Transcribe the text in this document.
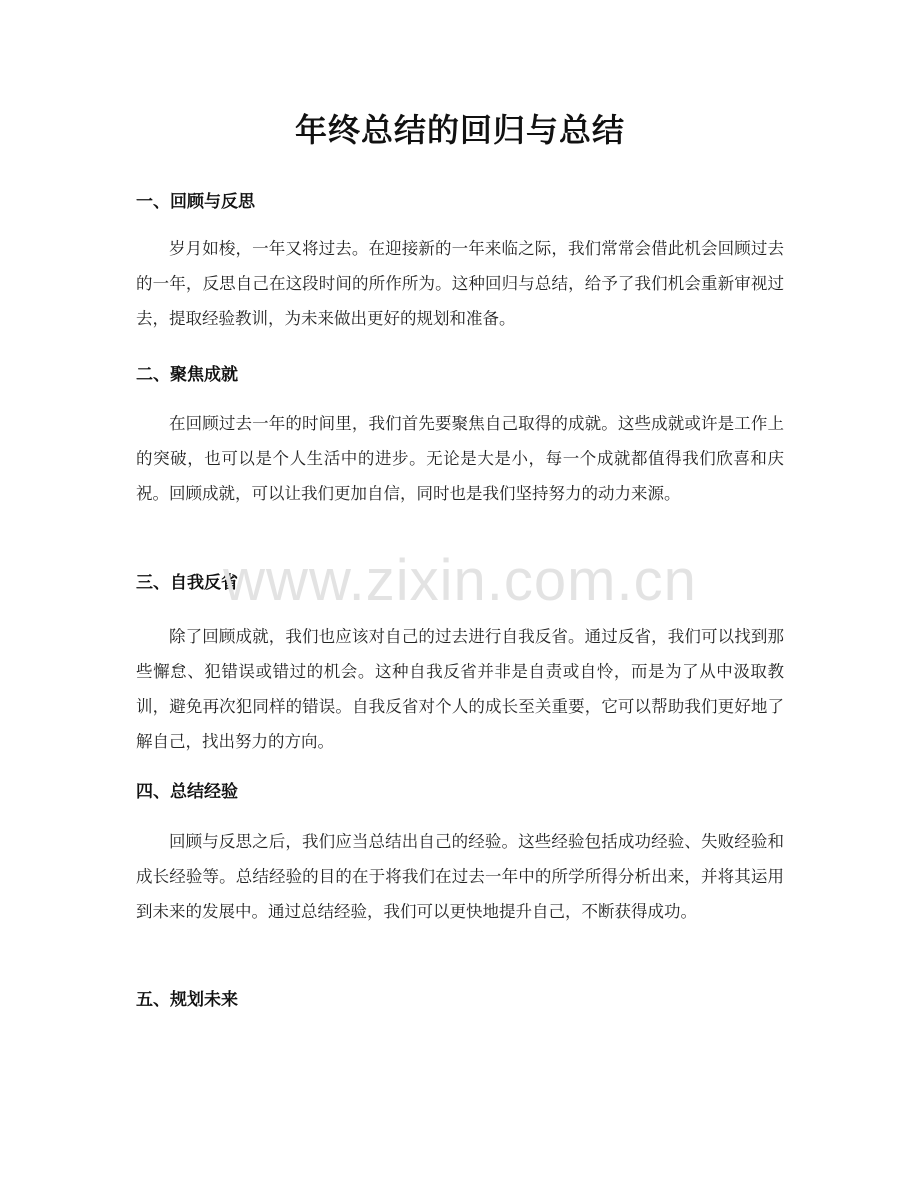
年终总结的回归与总结
一、回顾与反思

岁月如梭，一年又将过去。在迎接新的一年来临之际，我们常常会借此机会回顾过去的一年，反思自己在这段时间的所作所为。这种回归与总结，给予了我们机会重新审视过去，提取经验教训，为未来做出更好的规划和准备。

二、聚焦成就

在回顾过去一年的时间里，我们首先要聚焦自己取得的成就。这些成就或许是工作上的突破，也可以是个人生活中的进步。无论是大是小，每一个成就都值得我们欣喜和庆祝。回顾成就，可以让我们更加自信，同时也是我们坚持努力的动力来源。

三、自我反省

除了回顾成就，我们也应该对自己的过去进行自我反省。通过反省，我们可以找到那些懈怠、犯错误或错过的机会。这种自我反省并非是自责或自怜，而是为了从中汲取教训，避免再次犯同样的错误。自我反省对个人的成长至关重要，它可以帮助我们更好地了解自己，找出努力的方向。

四、总结经验

回顾与反思之后，我们应当总结出自己的经验。这些经验包括成功经验、失败经验和成长经验等。总结经验的目的在于将我们在过去一年中的所学所得分析出来，并将其运用到未来的发展中。通过总结经验，我们可以更快地提升自己，不断获得成功。

五、规划未来
www.zixin.com.cn
